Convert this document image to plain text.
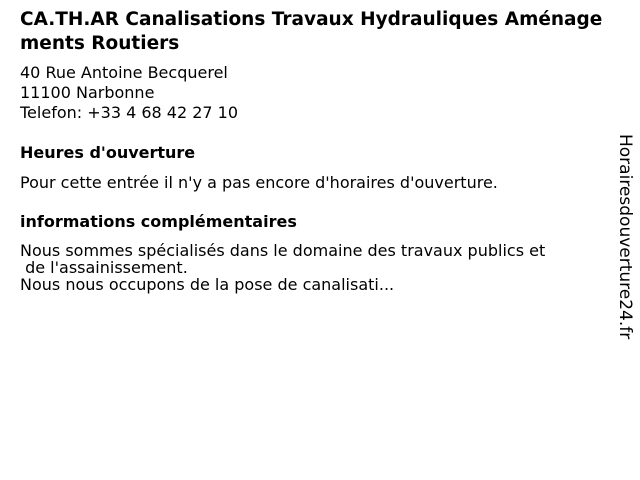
CA.TH.AR Canalisations Travaux Hydrauliques Aménagements Routiers
40 Rue Antoine Becquerel
11100 Narbonne
Telefon: +33 4 68 42 27 10
Heures d'ouverture
Pour cette entrée il n'y a pas encore d'horaires d'ouverture.
informations complémentaires
Nous sommes spécialisés dans le domaine des travaux publics et
de l'assainissement.
Nous nous occupons de la pose de canalisati...	Horairesdouverture24.fr
